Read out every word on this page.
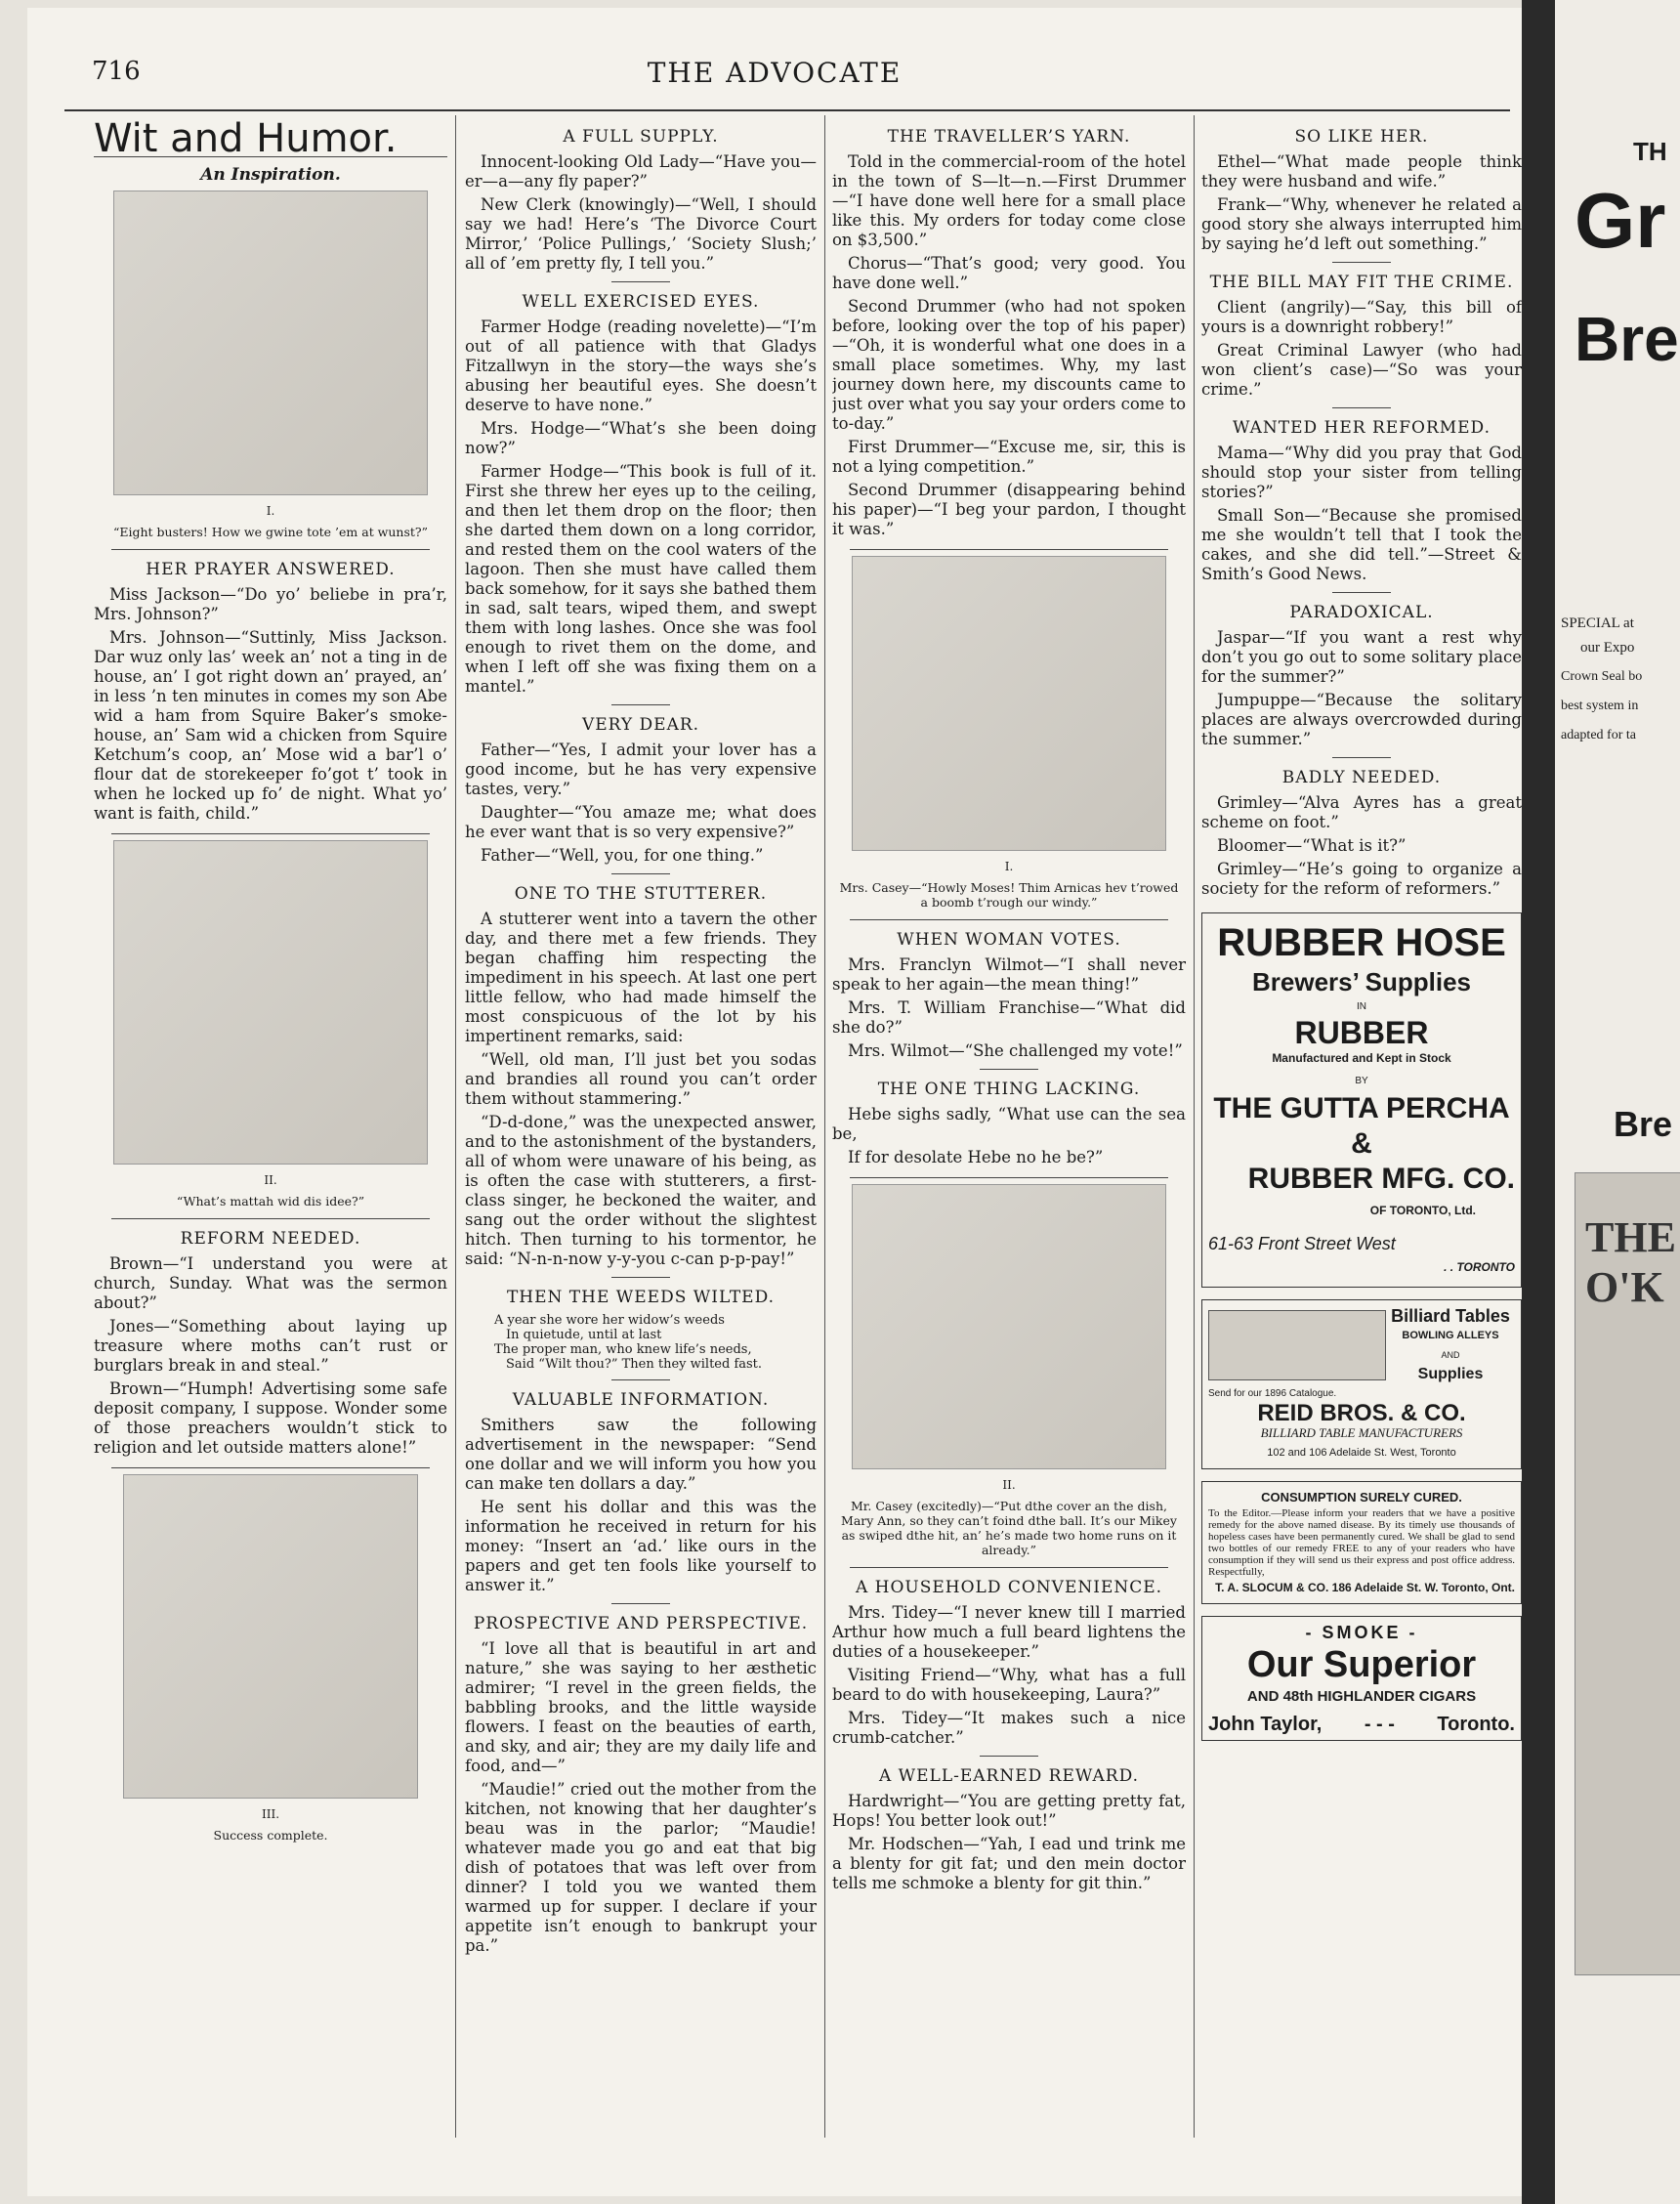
716	THE ADVOCATE
Wit and Humor.
An Inspiration.
I.
“Eight busters! How we gwine tote ’em at wunst?”
HER PRAYER ANSWERED.

Miss Jackson—“Do yo’ beliebe in pra’r, Mrs. Johnson?”

Mrs. Johnson—“Suttinly, Miss Jackson. Dar wuz only las’ week an’ not a ting in de house, an’ I got right down an’ prayed, an’ in less ’n ten minutes in comes my son Abe wid a ham from Squire Baker’s smoke-house, an’ Sam wid a chicken from Squire Ketchum’s coop, an’ Mose wid a bar’l o’ flour dat de storekeeper fo’got t’ took in when he locked up fo’ de night. What yo’ want is faith, child.”

II.
“What’s mattah wid dis idee?”
REFORM NEEDED.

Brown—“I understand you were at church, Sunday. What was the sermon about?”

Jones—“Something about laying up treasure where moths can’t rust or burglars break in and steal.”

Brown—“Humph! Advertising some safe deposit company, I suppose. Wonder some of those preachers wouldn’t stick to religion and let outside matters alone!”

III.
Success complete.
A FULL SUPPLY.

Innocent-looking Old Lady—“Have you—er—a—any fly paper?”

New Clerk (knowingly)—“Well, I should say we had! Here’s ‘The Divorce Court Mirror,’ ‘Police Pullings,’ ‘Society Slush;’ all of ’em pretty fly, I tell you.”

WELL EXERCISED EYES.

Farmer Hodge (reading novelette)—“I’m out of all patience with that Gladys Fitzallwyn in the story—the ways she’s abusing her beautiful eyes. She doesn’t deserve to have none.”

Mrs. Hodge—“What’s she been doing now?”

Farmer Hodge—“This book is full of it. First she threw her eyes up to the ceiling, and then let them drop on the floor; then she darted them down on a long corridor, and rested them on the cool waters of the lagoon. Then she must have called them back somehow, for it says she bathed them in sad, salt tears, wiped them, and swept them with long lashes. Once she was fool enough to rivet them on the dome, and when I left off she was fixing them on a mantel.”

VERY DEAR.

Father—“Yes, I admit your lover has a good income, but he has very expensive tastes, very.”

Daughter—“You amaze me; what does he ever want that is so very expensive?”

Father—“Well, you, for one thing.”

ONE TO THE STUTTERER.

A stutterer went into a tavern the other day, and there met a few friends. They began chaffing him respecting the impediment in his speech. At last one pert little fellow, who had made himself the most conspicuous of the lot by his impertinent remarks, said:

“Well, old man, I’ll just bet you sodas and brandies all round you can’t order them without stammering.”

“D-d-done,” was the unexpected answer, and to the astonishment of the bystanders, all of whom were unaware of his being, as is often the case with stutterers, a first-class singer, he beckoned the waiter, and sang out the order without the slightest hitch. Then turning to his tormentor, he said: “N-n-n-now y-y-you c-can p-p-pay!”

THEN THE WEEDS WILTED.
A year she wore her widow’s weeds
In quietude, until at last
The proper man, who knew life’s needs,
Said “Wilt thou?” Then they wilted fast.
VALUABLE INFORMATION.

Smithers saw the following advertisement in the newspaper: “Send one dollar and we will inform you how you can make ten dollars a day.”

He sent his dollar and this was the information he received in return for his money: “Insert an ‘ad.’ like ours in the papers and get ten fools like yourself to answer it.”

PROSPECTIVE AND PERSPECTIVE.

“I love all that is beautiful in art and nature,” she was saying to her æsthetic admirer; “I revel in the green fields, the babbling brooks, and the little wayside flowers. I feast on the beauties of earth, and sky, and air; they are my daily life and food, and—”

“Maudie!” cried out the mother from the kitchen, not knowing that her daughter’s beau was in the parlor; “Maudie! whatever made you go and eat that big dish of potatoes that was left over from dinner? I told you we wanted them warmed up for supper. I declare if your appetite isn’t enough to bankrupt your pa.”

THE TRAVELLER’S YARN.

Told in the commercial-room of the hotel in the town of S—lt—n.—First Drummer—“I have done well here for a small place like this. My orders for today come close on $3,500.”

Chorus—“That’s good; very good. You have done well.”

Second Drummer (who had not spoken before, looking over the top of his paper)—“Oh, it is wonderful what one does in a small place sometimes. Why, my last journey down here, my discounts came to just over what you say your orders come to to-day.”

First Drummer—“Excuse me, sir, this is not a lying competition.”

Second Drummer (disappearing behind his paper)—“I beg your pardon, I thought it was.”

I.
Mrs. Casey—“Howly Moses! Thim Arnicas hev t’rowed a boomb t’rough our windy.”
WHEN WOMAN VOTES.

Mrs. Franclyn Wilmot—“I shall never speak to her again—the mean thing!”

Mrs. T. William Franchise—“What did she do?”

Mrs. Wilmot—“She challenged my vote!”

THE ONE THING LACKING.

Hebe sighs sadly, “What use can the sea be,

If for desolate Hebe no he be?”

II.
Mr. Casey (excitedly)—“Put dthe cover an the dish, Mary Ann, so they can’t foind dthe ball. It’s our Mikey as swiped dthe hit, an’ he’s made two home runs on it already.”
A HOUSEHOLD CONVENIENCE.

Mrs. Tidey—“I never knew till I married Arthur how much a full beard lightens the duties of a housekeeper.”

Visiting Friend—“Why, what has a full beard to do with housekeeping, Laura?”

Mrs. Tidey—“It makes such a nice crumb-catcher.”

A WELL-EARNED REWARD.

Hardwright—“You are getting pretty fat, Hops! You better look out!”

Mr. Hodschen—“Yah, I ead und trink me a blenty for git fat; und den mein doctor tells me schmoke a blenty for git thin.”

SO LIKE HER.

Ethel—“What made people think they were husband and wife.”

Frank—“Why, whenever he related a good story she always interrupted him by saying he’d left out something.”

THE BILL MAY FIT THE CRIME.

Client (angrily)—“Say, this bill of yours is a downright robbery!”

Great Criminal Lawyer (who had won client’s case)—“So was your crime.”

WANTED HER REFORMED.

Mama—“Why did you pray that God should stop your sister from telling stories?”

Small Son—“Because she promised me she wouldn’t tell that I took the cakes, and she did tell.”—Street & Smith’s Good News.

PARADOXICAL.

Jaspar—“If you want a rest why don’t you go out to some solitary place for the summer?”

Jumpuppe—“Because the solitary places are always overcrowded during the summer.”

BADLY NEEDED.

Grimley—“Alva Ayres has a great scheme on foot.”

Bloomer—“What is it?”

Grimley—“He’s going to organize a society for the reform of reformers.”

RUBBER HOSE
Brewers’ Supplies
IN
RUBBER
Manufactured and Kept in Stock
BY
THE GUTTA PERCHA &
RUBBER MFG. CO.
OF TORONTO, Ltd.
61-63 Front Street West
. . TORONTO
Billiard Tables
BOWLING ALLEYS
AND
Supplies
Send for our 1896 Catalogue.
REID BROS. & CO.
BILLIARD TABLE MANUFACTURERS
102 and 106 Adelaide St. West, Toronto
CONSUMPTION SURELY CURED.
To the Editor.—Please inform your readers that we have a positive remedy for the above named disease. By its timely use thousands of hopeless cases have been permanently cured. We shall be glad to send two bottles of our remedy FREE to any of your readers who have consumption if they will send us their express and post office address. Respectfully,
T. A. SLOCUM & CO. 186 Adelaide St. W. Toronto, Ont.
- SMOKE -
Our Superior
AND 48th HIGHLANDER CIGARS
John Taylor, - - - Toronto.
TH
Gr
Bre
SPECIAL at
our Expo
Crown Seal bo
best system in
adapted for ta
Bre
THE O'K
